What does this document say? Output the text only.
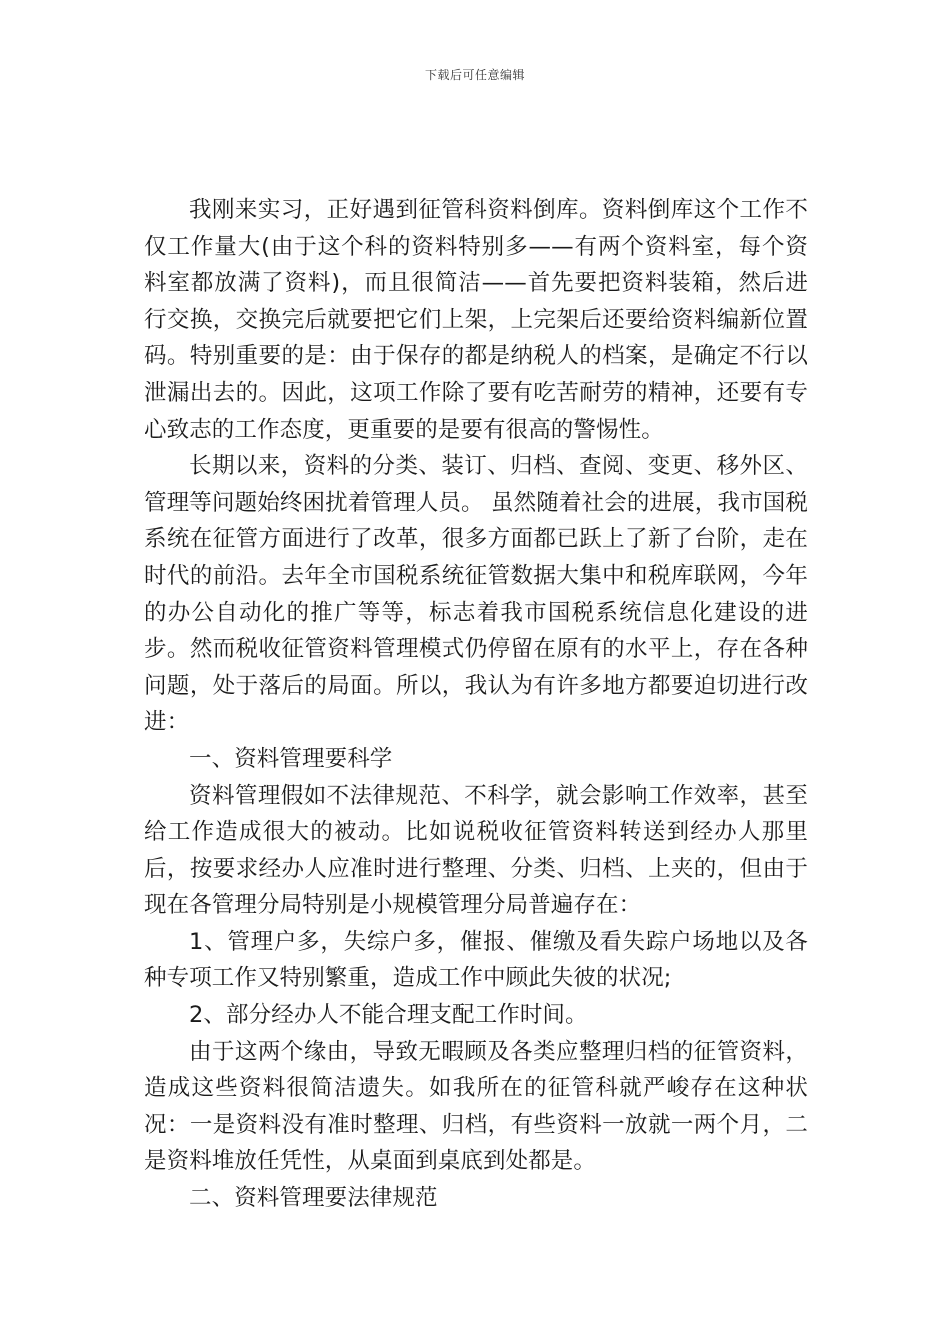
下载后可任意编辑

我刚来实习，正好遇到征管科资料倒库。资料倒库这个工作不仅工作量大(由于这个科的资料特别多——有两个资料室，每个资料室都放满了资料)，而且很简洁——首先要把资料装箱，然后进行交换，交换完后就要把它们上架，上完架后还要给资料编新位置码。特别重要的是：由于保存的都是纳税人的档案，是确定不行以泄漏出去的。因此，这项工作除了要有吃苦耐劳的精神，还要有专心致志的工作态度，更重要的是要有很高的警惕性。

长期以来，资料的分类、装订、归档、查阅、变更、移外区、管理等问题始终困扰着管理人员。 虽然随着社会的进展，我市国税系统在征管方面进行了改革，很多方面都已跃上了新了台阶，走在时代的前沿。去年全市国税系统征管数据大集中和税库联网，今年的办公自动化的推广等等，标志着我市国税系统信息化建设的进步。然而税收征管资料管理模式仍停留在原有的水平上，存在各种问题，处于落后的局面。所以，我认为有许多地方都要迫切进行改进：

一、资料管理要科学

资料管理假如不法律规范、不科学，就会影响工作效率，甚至给工作造成很大的被动。比如说税收征管资料转送到经办人那里后，按要求经办人应准时进行整理、分类、归档、上夹的，但由于现在各管理分局特别是小规模管理分局普遍存在：

1、管理户多，失综户多，催报、催缴及看失踪户场地以及各种专项工作又特别繁重，造成工作中顾此失彼的状况;

2、部分经办人不能合理支配工作时间。

由于这两个缘由，导致无暇顾及各类应整理归档的征管资料，造成这些资料很简洁遗失。如我所在的征管科就严峻存在这种状况：一是资料没有准时整理、归档，有些资料一放就一两个月，二是资料堆放任凭性，从桌面到桌底到处都是。

二、资料管理要法律规范
